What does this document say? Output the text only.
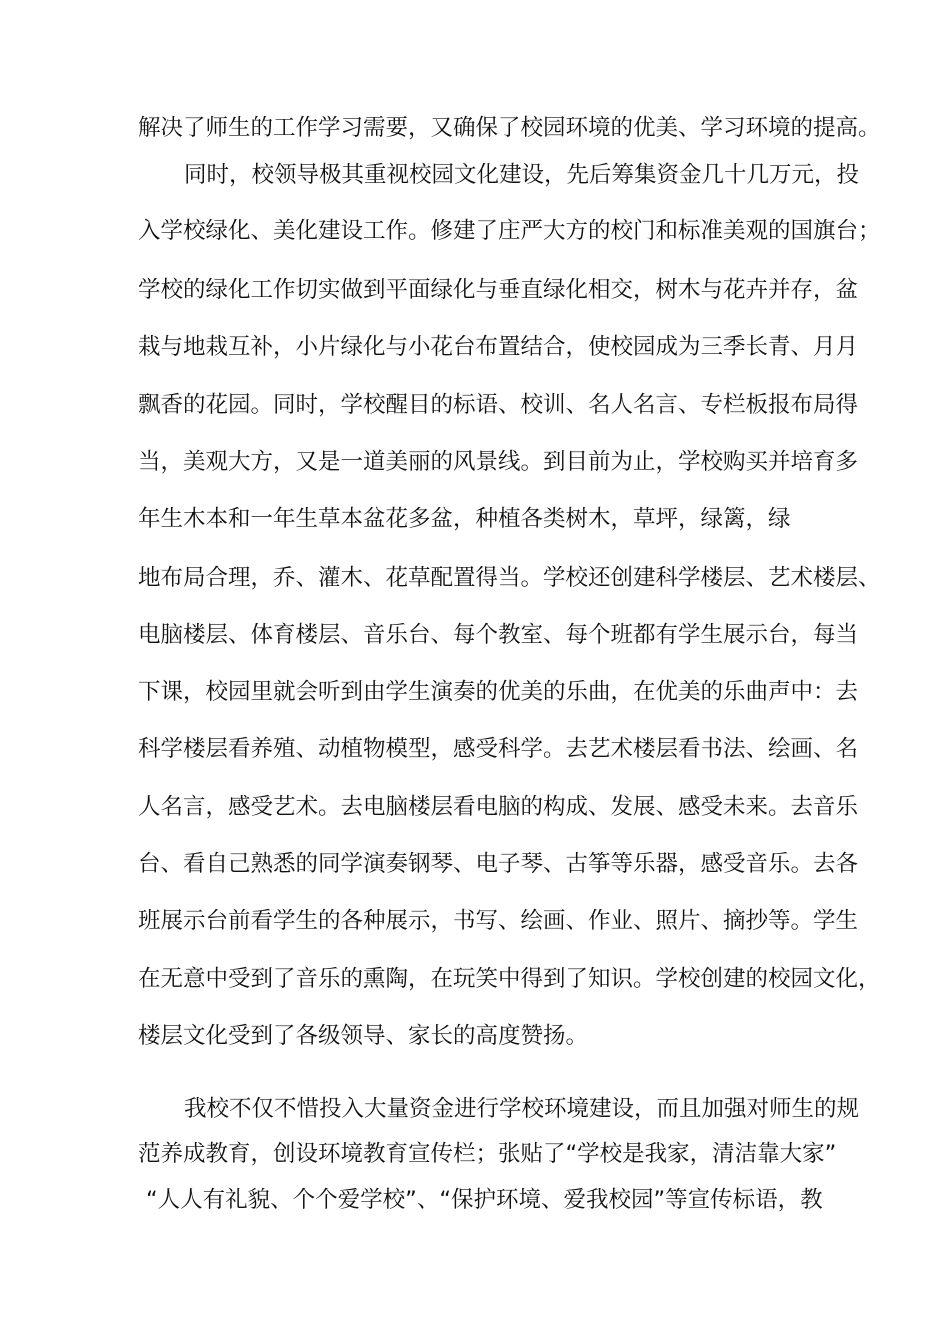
解决了师生的工作学习需要，又确保了校园环境的优美、学习环境的提高。
同时，校领导极其重视校园文化建设，先后筹集资金几十几万元，投
入学校绿化、美化建设工作。修建了庄严大方的校门和标准美观的国旗台；
学校的绿化工作切实做到平面绿化与垂直绿化相交，树木与花卉并存，盆
栽与地栽互补，小片绿化与小花台布置结合，使校园成为三季长青、月月
飘香的花园。同时，学校醒目的标语、校训、名人名言、专栏板报布局得
当，美观大方，又是一道美丽的风景线。到目前为止，学校购买并培育多
年生木本和一年生草本盆花多盆，种植各类树木，草坪，绿篱，绿
地布局合理，乔、灌木、花草配置得当。学校还创建科学楼层、艺术楼层、
电脑楼层、体育楼层、音乐台、每个教室、每个班都有学生展示台，每当
下课，校园里就会听到由学生演奏的优美的乐曲，在优美的乐曲声中：去
科学楼层看养殖、动植物模型，感受科学。去艺术楼层看书法、绘画、名
人名言，感受艺术。去电脑楼层看电脑的构成、发展、感受未来。去音乐
台、看自己熟悉的同学演奏钢琴、电子琴、古筝等乐器，感受音乐。去各
班展示台前看学生的各种展示，书写、绘画、作业、照片、摘抄等。学生
在无意中受到了音乐的熏陶，在玩笑中得到了知识。学校创建的校园文化，
楼层文化受到了各级领导、家长的高度赞扬。
我校不仅不惜投入大量资金进行学校环境建设，而且加强对师生的规
范养成教育，创设环境教育宣传栏；张贴了“学校是我家，清洁靠大家”
“人人有礼貌、个个爱学校”、“保护环境、爱我校园”等宣传标语，教
